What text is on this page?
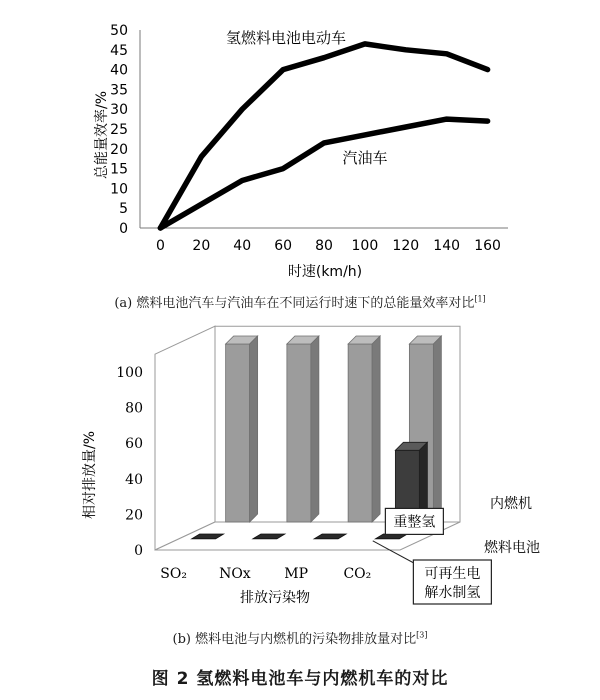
0
5
10
15
20
25
30
35
40
45
50
0 20 40 60 80 100 120 140 160
氢燃料电池电动车
汽油车
时速(km/h)
总能量效率/%
(a) 燃料电池汽车与汽油车在不同运行时速下的总能量效率对比[1]
0
20
40
60
80
100
SO₂ NOx MP	CO₂
重整氢
可再生电
解水制氢
内燃机
燃料电池
排放污染物
相对排放量/%
(b) 燃料电池与内燃机的污染物排放量对比[3]
图 2 氢燃料电池车与内燃机车的对比
